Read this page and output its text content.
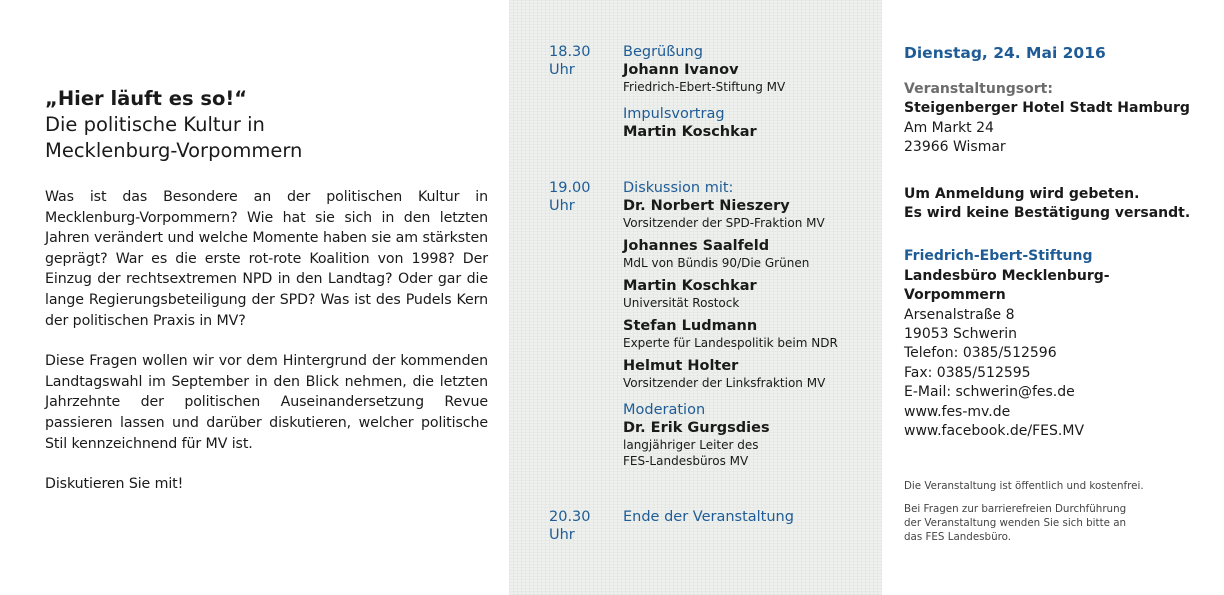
„Hier läuft es so!“
Die politische Kultur in
Mecklenburg-Vorpommern

Was ist das Besondere an der politischen Kultur in Mecklenburg-Vorpommern? Wie hat sie sich in den letzten Jahren verändert und welche Momente haben sie am stärksten geprägt? War es die erste rot-rote Koalition von 1998? Der Einzug der rechtsextremen NPD in den Landtag? Oder gar die lange Regierungsbeteiligung der SPD? Was ist des Pudels Kern der politischen Praxis in MV?

Diese Fragen wollen wir vor dem Hintergrund der kommenden Landtagswahl im September in den Blick nehmen, die letzten Jahrzehnte der politischen Auseinandersetzung Revue passieren lassen und darüber diskutieren, welcher politische Stil kennzeichnend für MV ist.

Diskutieren Sie mit!

18.30 Uhr
Begrüßung
Johann Ivanov
Friedrich-Ebert-Stiftung MV
Impulsvortrag
Martin Koschkar
19.00 Uhr
Diskussion mit:
Dr. Norbert Nieszery
Vorsitzender der SPD-Fraktion MV
Johannes Saalfeld
MdL von Bündis 90/Die Grünen
Martin Koschkar
Universität Rostock
Stefan Ludmann
Experte für Landespolitik beim NDR
Helmut Holter
Vorsitzender der Linksfraktion MV
Moderation
Dr. Erik Gurgsdies
langjähriger Leiter des
FES-Landesbüros MV
20.30 Uhr
Ende der Veranstaltung

Dienstag, 24. Mai 2016

Veranstaltungsort:

Steigenberger Hotel Stadt Hamburg

Am Markt 24

23966 Wismar

Um Anmeldung wird gebeten.

Es wird keine Bestätigung versandt.

Friedrich-Ebert-Stiftung

Landesbüro Mecklenburg-Vorpommern

Arsenalstraße 8

19053 Schwerin

Telefon: 0385/512596

Fax: 0385/512595

E-Mail: schwerin@fes.de

www.fes-mv.de

www.facebook.de/FES.MV

Die Veranstaltung ist öffentlich und kostenfrei.

Bei Fragen zur barrierefreien Durchführung

der Veranstaltung wenden Sie sich bitte an

das FES Landesbüro.
